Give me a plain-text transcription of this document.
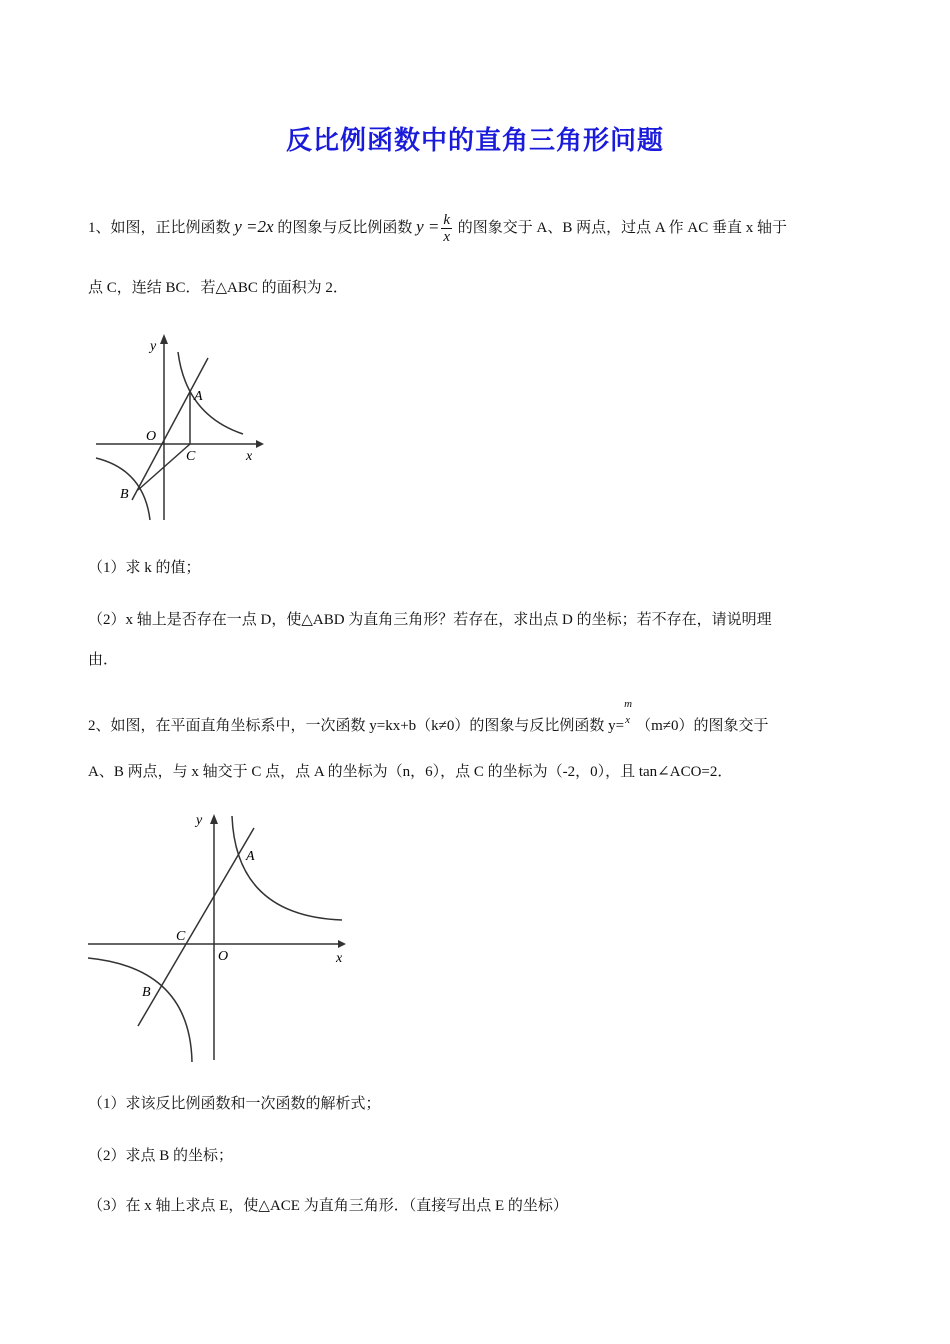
反比例函数中的直角三角形问题
1、如图，正比例函数 y =2x 的图象与反比例函数 $y = \frac{k}{x}$ 的图象交于 A、B 两点，过点 A 作 AC 垂直 x 轴于
点 C，连结 BC．若△ABC 的面积为 2．
y
x
O
A
C
B
（1）求 k 的值；
（2）x 轴上是否存在一点 D，使△ABD 为直角三角形？若存在，求出点 D 的坐标；若不存在，请说明理
由．
2、如图，在平面直角坐标系中，一次函数 y=kx+b（k≠0）的图象与反比例函数 y=
m
x （m≠0）的图象交于
A、B 两点，与 x 轴交于 C 点，点 A 的坐标为（n，6），点 C 的坐标为（-2，0），且 tan∠ACO=2．
y
x
O
A
C
B
（1）求该反比例函数和一次函数的解析式；
（2）求点 B 的坐标；
（3）在 x 轴上求点 E，使△ACE 为直角三角形．（直接写出点 E 的坐标）
